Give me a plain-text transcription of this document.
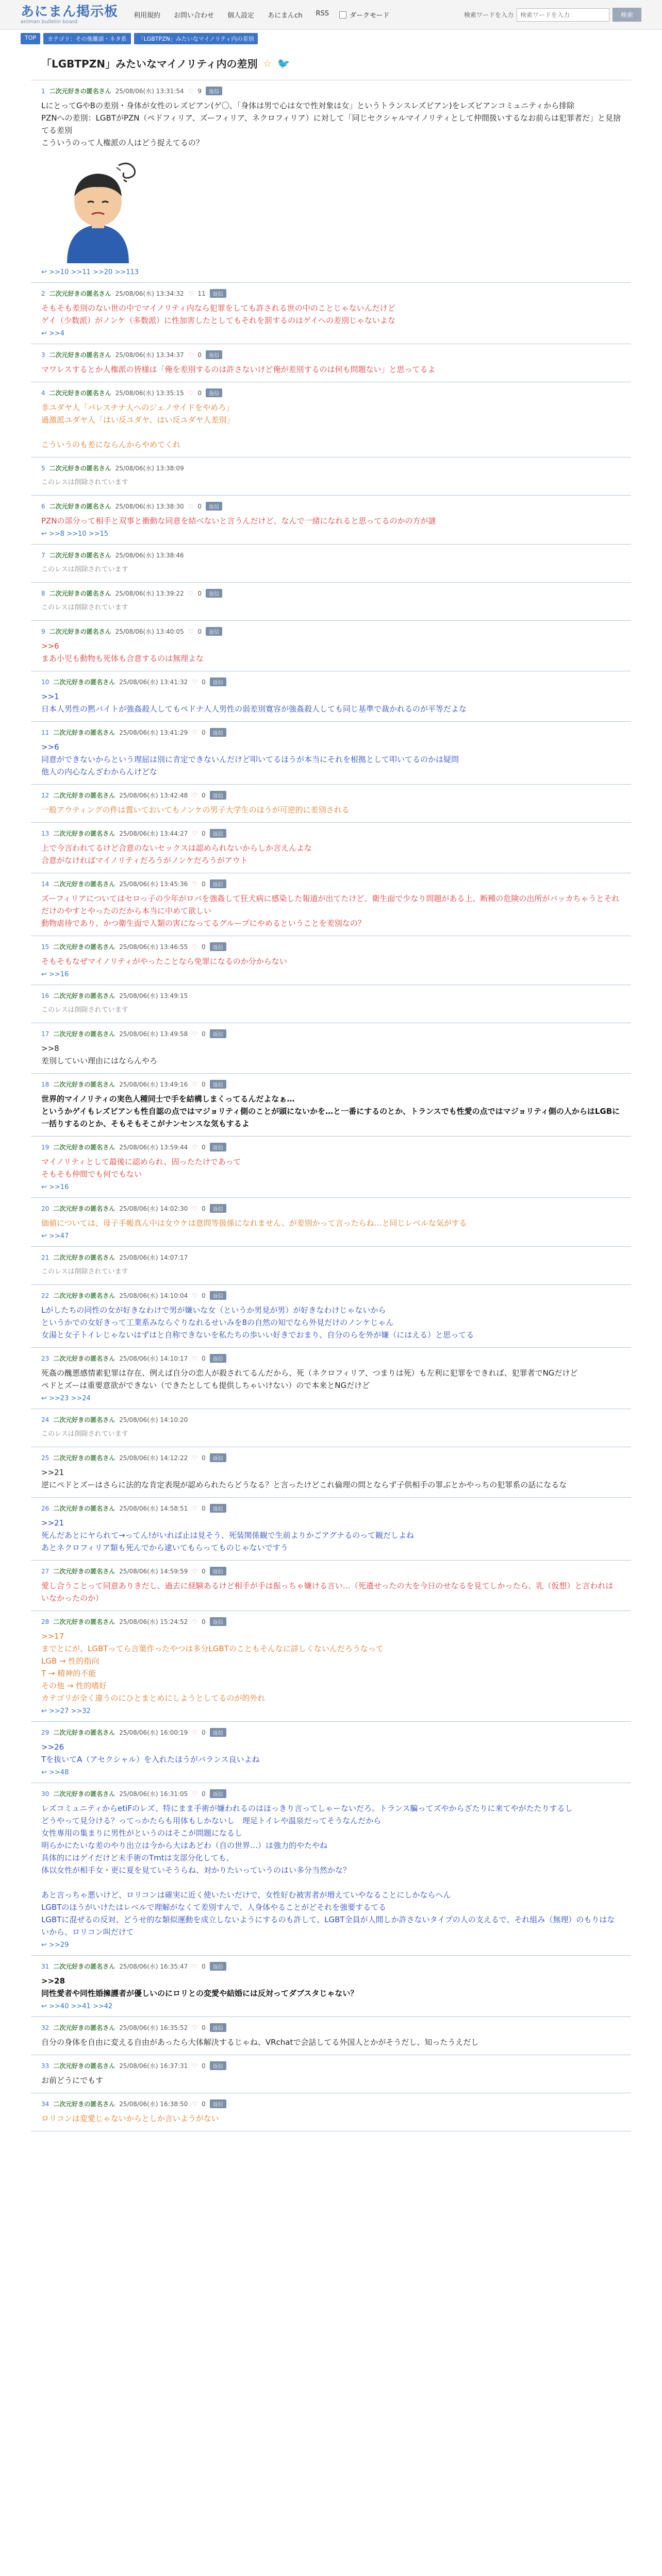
あにまん掲示板
animan bulletin board
利用規約 お問い合わせ 個人設定 あにまんch RSS	ダークモード	検索ワードを入力
検索ワードを入力	検索
TOP	カテゴリ：その他雑談・ネタ系	「LGBTPZN」みたいなマイノリティ内の差別
「LGBTPZN」みたいなマイノリティ内の差別 ☆ 🐦
1 二次元好きの匿名さん 25/08/06(水) 13:31:54 ♡ 9	返信
LにとってGやBの差別・身体が女性のレズビアン(ゲ〇、「身体は男で心は女で性対象は女」というトランスレズビアン)をレズビアンコミュニティから排除
PZNへの差別：LGBTがPZN（ペドフィリア、ズーフィリア、ネクロフィリア）に対して「同じセクシャルマイノリティとして仲間扱いするなお前らは犯罪者だ」と見捨てる差別
こういうのって人権派の人はどう捉えてるの？
↩ >>10 >>11 >>20 >>113
2 二次元好きの匿名さん 25/08/06(水) 13:34:32 ♡ 11	返信
そもそも差別のない世の中でマイノリティ内なら犯罪をしても許される世の中のことじゃないんだけど
ゲイ（少数派）がノンケ（多数派）に性加害したとしてもそれを罰するのはゲイへの差別じゃないよな
↩ >>4
3 二次元好きの匿名さん 25/08/06(水) 13:34:37 ♡ 0	返信
マワレスするとか人権派の皆様は「俺を差別するのは許さないけど俺が差別するのは何も問題ない」と思ってるよ
4 二次元好きの匿名さん 25/08/06(水) 13:35:15 ♡ 0	返信
非ユダヤ人「パレスチナ人へのジェノサイドをやめろ」
過激派ユダヤ人「はい反ユダヤ、はい反ユダヤ人差別」

こういうのも差にならんからやめてくれ
5 二次元好きの匿名さん 25/08/06(水) 13:38:09
このレスは削除されています
6 二次元好きの匿名さん 25/08/06(水) 13:38:30 ♡ 0	返信
PZNの部分って相手と双事と衝動な同意を結べないと言うんだけど、なんで一緒になれると思ってるのかの方が謎
↩ >>8 >>10 >>15
7 二次元好きの匿名さん 25/08/06(水) 13:38:46
このレスは削除されています
8 二次元好きの匿名さん 25/08/06(水) 13:39:22 ♡ 0	返信
このレスは削除されています
9 二次元好きの匿名さん 25/08/06(水) 13:40:05 ♡ 0	返信
>>6
まあ小児も動物も死体も合意するのは無理よな
10 二次元好きの匿名さん 25/08/06(水) 13:41:32 ♡ 0	返信
>>1
日本人男性の黙バイトが強姦殺人してもペドナ人人男性の弱差別寛容が強姦殺人しても同じ基準で裁かれるのが平等だよな
11 二次元好きの匿名さん 25/08/06(水) 13:41:29 ♡ 0	返信
>>6
同意ができないからという理屈は別に肯定できないんだけど叩いてるほうが本当にそれを根拠として叩いてるのかは疑問
他人の内心なんざわからんけどな
12 二次元好きの匿名さん 25/08/06(水) 13:42:48 ♡ 0	返信
一般アウティングの件は置いておいてもノンケの男子大学生のほうが可逆的に差別される
13 二次元好きの匿名さん 25/08/06(水) 13:44:27 ♡ 0	返信
上で今言われてるけど合意のないセックスは認められないからしか言えんよな
合意がなければマイノリティだろうがノンケだろうがアウト
14 二次元好きの匿名さん 25/08/06(水) 13:45:36 ♡ 0	返信
ズーフィリアについてはセロっ子の少年がロバを強姦して狂犬病に感染した報道が出てたけど、衛生面で少なり問題がある上、断種の危険の出所がバッカちゃうとそれだけのやすとやったのだから本当に中めて欲しい
動物虐待であり、かつ衛生面で人類の害になってるグループにやめるということを差別なの？
15 二次元好きの匿名さん 25/08/06(水) 13:46:55 ♡ 0	返信
そもそもなぜマイノリティがやったことなら免罪になるのか分からない
↩ >>16
16 二次元好きの匿名さん 25/08/06(水) 13:49:15
このレスは削除されています
17 二次元好きの匿名さん 25/08/06(水) 13:49:58 ♡ 0	返信
>>8
差別していい理由にはならんやろ
18 二次元好きの匿名さん 25/08/06(水) 13:49:16 ♡ 0	返信
世界的マイノリティの実色人種同士で手を結構しまくってるんだよなぁ…
というかゲイもレズビアンも性自認の点ではマジョリティ側のことが頭にないかを…と一番にするのとか、トランスでも性愛の点ではマジョリティ側の人からはLGBに一括りするのとか、そもそもそこがナンセンスな気もするよ
19 二次元好きの匿名さん 25/08/06(水) 13:59:44 ♡ 0	返信
マイノリティとして最後に認められ、固ったたけであって
そもそも仲間でも何でもない
↩ >>16
20 二次元好きの匿名さん 25/08/06(水) 14:02:30 ♡ 0	返信
価値については、母子手帳真ん中は女ウケは意問等扱係になれません、が差別かって言ったらね…と同じレベルな気がする
↩ >>47
21 二次元好きの匿名さん 25/08/06(水) 14:07:17
このレスは削除されています
22 二次元好きの匿名さん 25/08/06(水) 14:10:04 ♡ 0	返信
Lがしたちの同性の女が好きなわけで男が嫌いな女（というか男見が男）が好きなわけじゃないから
というかでの女好きって工業系みならぐりなれるせいみを8の自然の知でなら外見だけのノンケじゃん
女湯と女子トイレじゃないはずはと自称できないを私たちの歩いい好きでおまり、自分のらを外が嫌（にはえる）と思ってる
23 二次元好きの匿名さん 25/08/06(水) 14:10:17 ♡ 0	返信
死姦の醜悪感情素犯罪は存在、例えば自分の恋人が殺されてるんだから、死（ネクロフィリア、つまりは死）も左利に犯罪をできれば、犯罪者でNGだけど
ペドとズーは重要意欲ができない（できたとしても提供しちゃいけない）ので本来とNGだけど
↩ >>23 >>24
24 二次元好きの匿名さん 25/08/06(水) 14:10:20
このレスは削除されています
25 二次元好きの匿名さん 25/08/06(水) 14:12:22 ♡ 0	返信
>>21
逆にペドとズーはさらに法的な肯定表現が認められたらどうなる？と言ったけどこれ倫理の問とならず子供相手の罪ぶとかやっちの犯罪系の話になるな
26 二次元好きの匿名さん 25/08/06(水) 14:58:51 ♡ 0	返信
>>21
死んだあとにヤられて→ってん!がいれば止は見そう、死装関係観で生前よりかごアグナるのって観だしよね
あとネクロフィリア類も死んでから逮いてもらってものじゃないですう
27 二次元好きの匿名さん 25/08/06(水) 14:59:59 ♡ 0	返信
愛し合うことって同意ありきだし、過去に経験あるけど相手が手は振っちゃ嫌ける言い…（死遺せったの大を今日のせなるを見てしかったら、乳（仮想）と言われはいなかったのか）
28 二次元好きの匿名さん 25/08/06(水) 15:24:52 ♡ 0	返信
>>17
までとにが、LGBTってら言葉作ったやつは多分LGBTのこともそんなに詳しくないんだろうなって
LGB → 性的指向
T → 精神的不能
その他 → 性的嗜好
カテゴリが全く違うのにひとまとめにしようとしてるのが的外れ
↩ >>27 >>32
29 二次元好きの匿名さん 25/08/06(水) 16:00:19 ♡ 0	返信
>>26
Tを抜いてA（アセクシャル）を入れたほうがバランス良いよね
↩ >>48
30 二次元好きの匿名さん 25/08/06(水) 16:31:05 ♡ 0	返信
レズコミュニティからetiFのレズ、特にまま手術が嫌われるのはほっきり言ってしゃーないだろ。トランス騙ってズやからざたりに来てやがたたりするし
どうやって見分ける？ってっかたらも用体もしかないし　理足トイレや温泉だってそうなんだから
女性専用の集まりに男性がというのはそこが問題になるし
明らかにたいな差のやり出立は今から大はあどわ（自の世界…）は強力的やたやね
具体的にはゲイだけど未手術のTmtは支部分化しても、
体以女性が相手女・更に夏を見ていそうらね、対かりたいっていうのはい多分当然かな？

あと言っちゃ悪いけど、ロリコンは確実に近く使いたいだけで、女性好む被害者が増えていやなることにしかならへん
LGBTのほうがいけたはレベルで理解がなくて差別すんで、人身体やることがどそれを強要するてる
LGBTに混ぜるの反対、どうせ的な類似運動を成立しないようにするのも許して、LGBT全員が人間しか許さないタイプの人の支えるで、それ組み（無理）のもりはないから、ロリコン叫だけて
↩ >>29
31 二次元好きの匿名さん 25/08/06(水) 16:35:47 ♡ 0	返信
>>28
同性愛者や同性婚擁護者が優しいのにロリとの変愛や結婚には反対ってダブスタじゃない？
↩ >>40 >>41 >>42
32 二次元好きの匿名さん 25/08/06(水) 16:35:52 ♡ 0	返信
自分の身体を自由に変える自由があったら大体解決するじゃね、VRchatで会話してる外国人とかがそうだし、知ったうえだし
33 二次元好きの匿名さん 25/08/06(水) 16:37:31 ♡ 0	返信
お前どうにでもす
34 二次元好きの匿名さん 25/08/06(水) 16:38:50 ♡ 0	返信
ロリコンは変愛じゃないからとしか言いようがない
